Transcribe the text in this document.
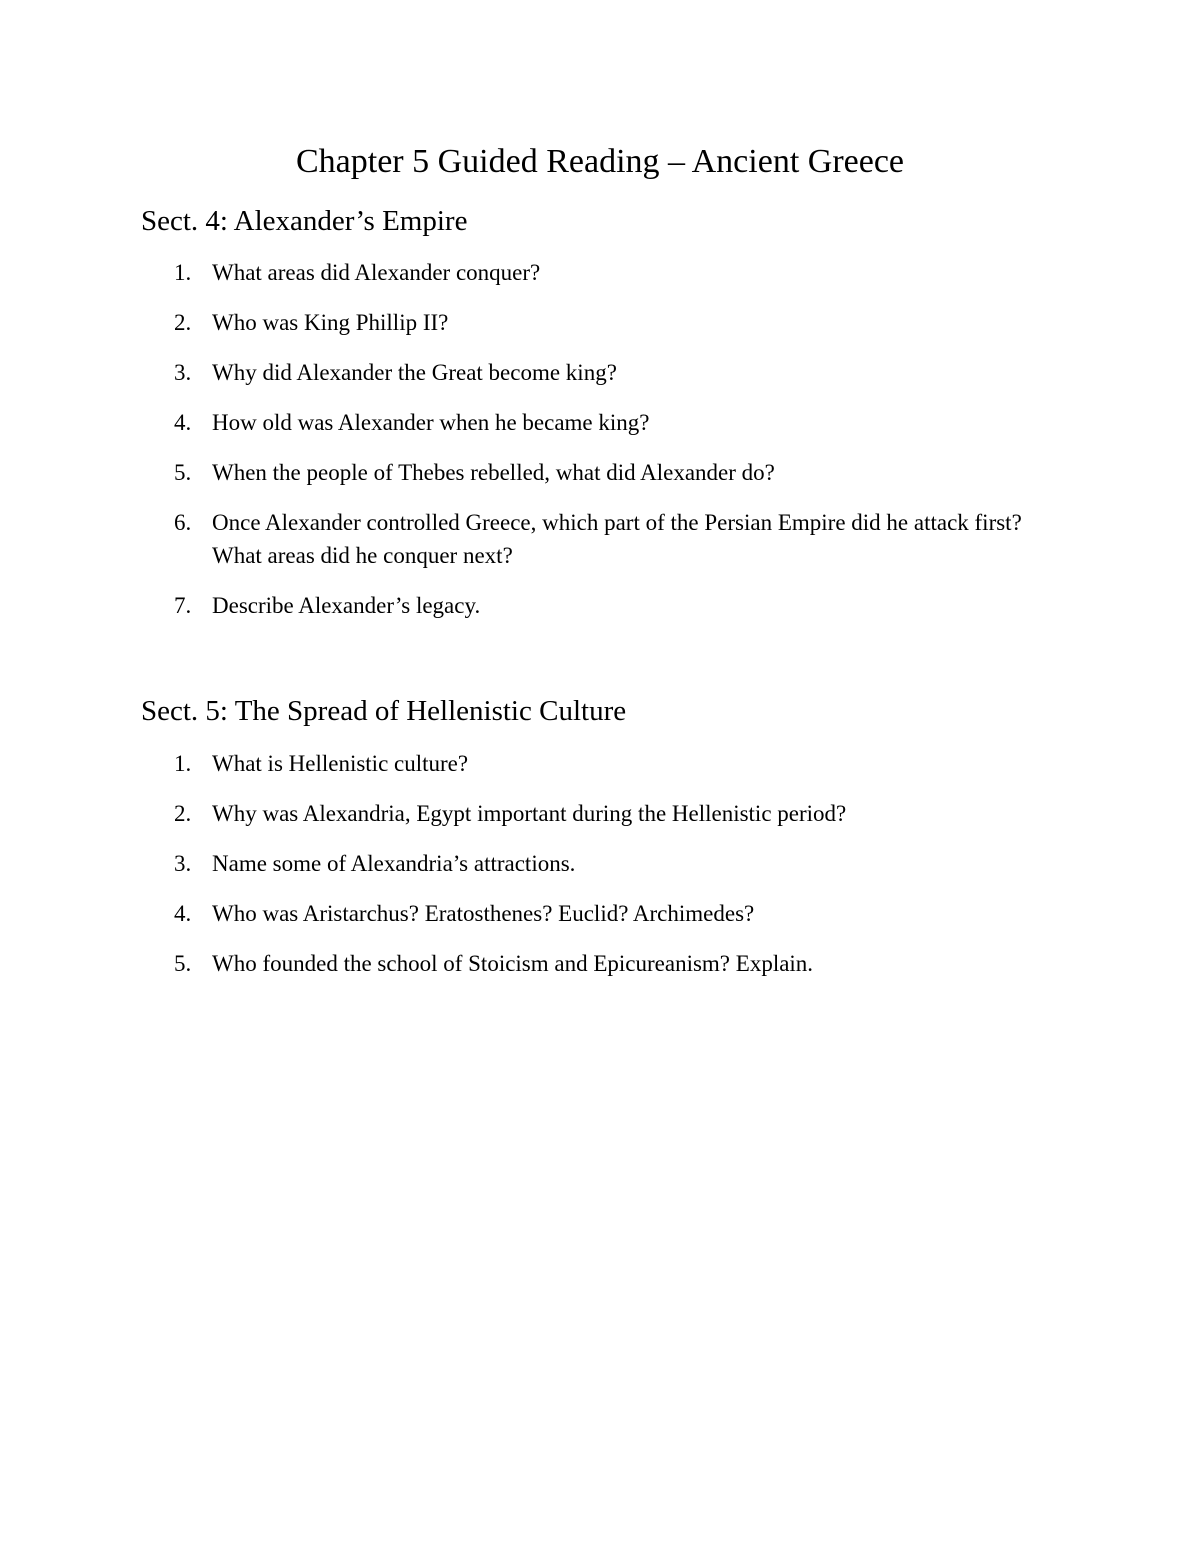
Chapter 5 Guided Reading – Ancient Greece
Sect. 4: Alexander’s Empire
1. What areas did Alexander conquer?
2. Who was King Phillip II?
3. Why did Alexander the Great become king?
4. How old was Alexander when he became king?
5. When the people of Thebes rebelled, what did Alexander do?
6. Once Alexander controlled Greece, which part of the Persian Empire did he attack first? What areas did he conquer next?
7. Describe Alexander’s legacy.
Sect. 5: The Spread of Hellenistic Culture
1. What is Hellenistic culture?
2. Why was Alexandria, Egypt important during the Hellenistic period?
3. Name some of Alexandria’s attractions.
4. Who was Aristarchus? Eratosthenes? Euclid? Archimedes?
5. Who founded the school of Stoicism and Epicureanism? Explain.
